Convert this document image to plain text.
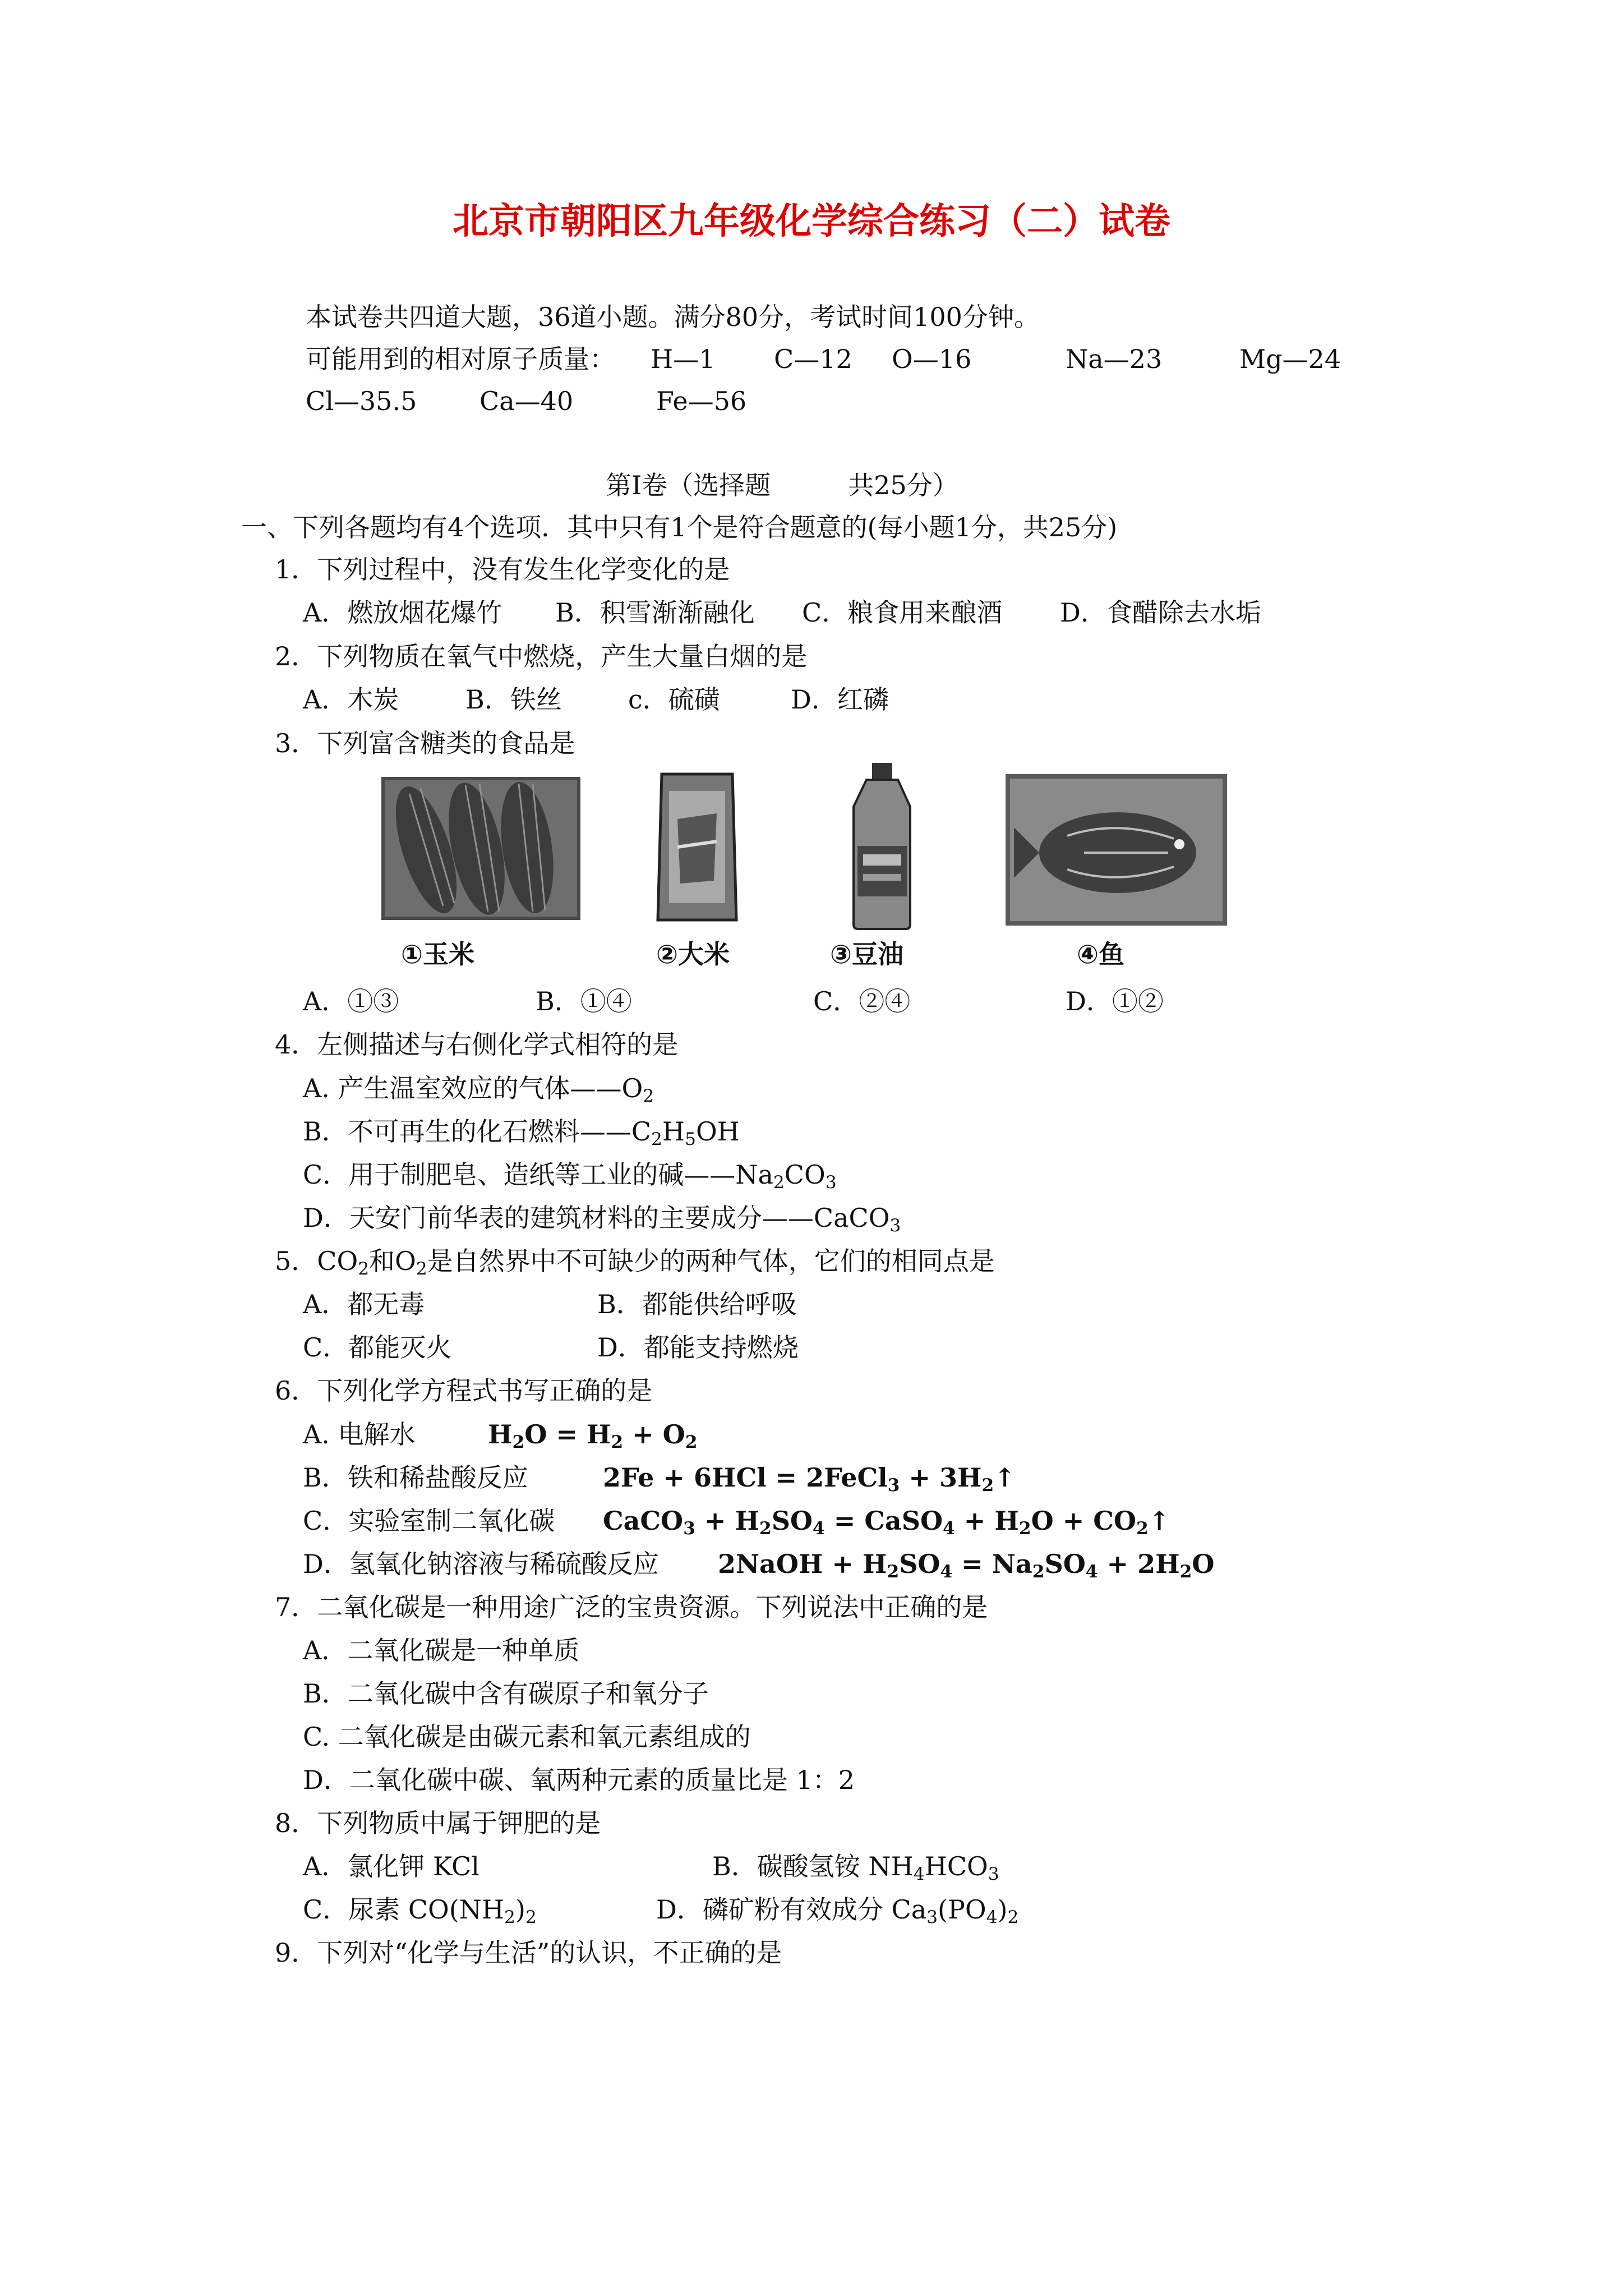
北京市朝阳区九年级化学综合练习（二）试卷
本试卷共四道大题，36道小题。满分80分，考试时间100分钟。
可能用到的相对原子质量： H—1 C—12 O—16	Na—23	Mg—24
Cl—35.5 Ca—40	Fe—56
第I卷（选择题　　　共25分）
一、下列各题均有4个选项．其中只有1个是符合题意的(每小题1分，共25分)
1．下列过程中，没有发生化学变化的是
A．燃放烟花爆竹 B．积雪渐渐融化 C．粮食用来酿酒 D．食醋除去水垢
2．下列物质在氧气中燃烧，产生大量白烟的是
A．木炭	B．铁丝	c．硫磺	D．红磷
3．下列富含糖类的食品是
①玉米	②大米	③豆油	④鱼
A．①③	B．①④	C．②④	D．①②
4．左侧描述与右侧化学式相符的是
A. 产生温室效应的气体$——O_2$
B．不可再生的化石燃料$——C_2H_5OH$
C．用于制肥皂、造纸等工业的碱$——Na_2CO_3$
D．天安门前华表的建筑材料的主要成分——CaCO$_3$
5．$CO_2$和$O_2$是自然界中不可缺少的两种气体，它们的相同点是
A．都无毒	B．都能供给呼吸
C．都能灭火	D．都能支持燃烧
6．下列化学方程式书写正确的是
A. 电解水	$H_2O = H_2 + O_2$
B．铁和稀盐酸反应	2Fe + 6HCl = 2FeCl$_3$ + $3H_2↑$
C．实验室制二氧化碳 CaCO$_3$ + $H_2SO_4$ = CaSO$_4$ + $H_2O$ + $CO_2↑$
D．氢氧化钠溶液与稀硫酸反应 2NaOH + $H_2SO_4 = Na_2SO_4 + 2H_2O$
7．二氧化碳是一种用途广泛的宝贵资源。下列说法中正确的是
A．二氧化碳是一种单质
B．二氧化碳中含有碳原子和氧分子
C. 二氧化碳是由碳元素和氧元素组成的
D．二氧化碳中碳、氧两种元素的质量比是 1：2
8．下列物质中属于钾肥的是
A．氯化钾 KCl	B．碳酸氢铵 $NH_4HCO_3$
C．尿素 $CO(NH_2)_2$	D．磷矿粉有效成分 $Ca_3(PO_4)_2$
9．下列对“化学与生活”的认识，不正确的是
